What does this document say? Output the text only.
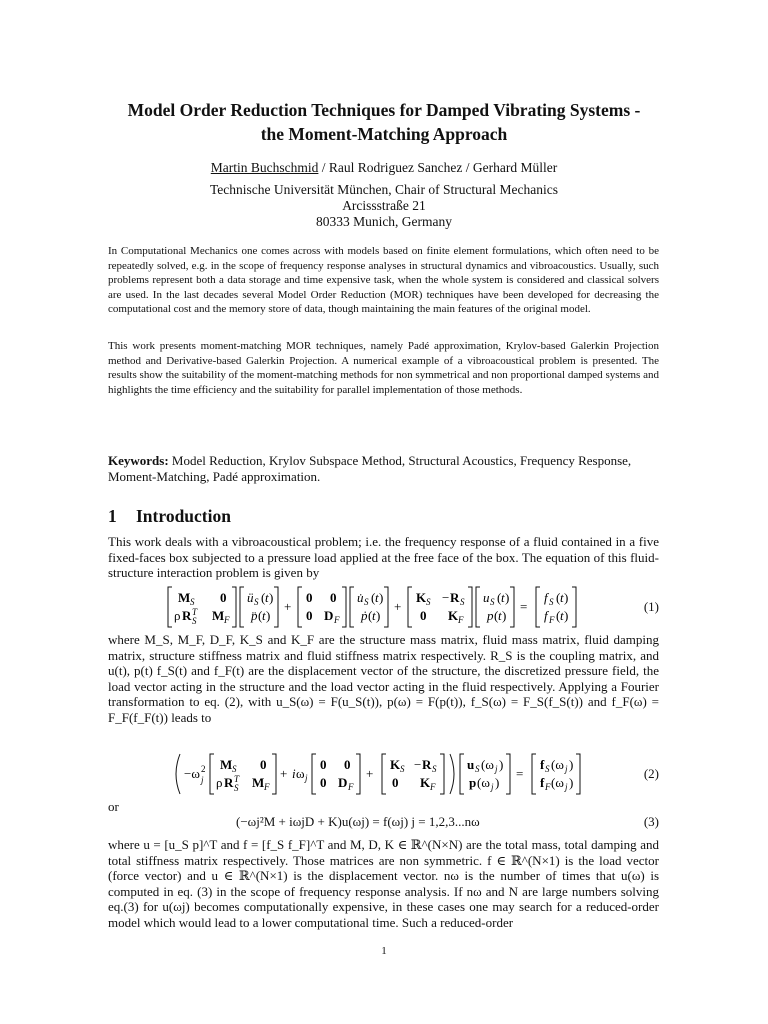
Model Order Reduction Techniques for Damped Vibrating Systems -
the Moment-Matching Approach
Martin Buchschmid / Raul Rodriguez Sanchez / Gerhard Müller
Technische Universität München, Chair of Structural Mechanics
Arcissstraße 21
80333 Munich, Germany

In Computational Mechanics one comes across with models based on finite element formulations, which often need to be repeatedly solved, e.g. in the scope of frequency response analyses in structural dynamics and vibroacoustics. Usually, such problems represent both a data storage and time expensive task, when the whole system is considered and classical solvers are used. In the last decades several Model Order Reduction (MOR) techniques have been developed for decreasing the computational cost and the memory store of data, though maintaining the main features of the original model.

This work presents moment-matching MOR techniques, namely Padé approximation, Krylov-based Galerkin Projection method and Derivative-based Galerkin Projection. A numerical example of a vibroacoustical problem is presented. The results show the suitability of the moment-matching methods for non symmetrical and non proportional damped systems and highlights the time efficiency and the suitability for parallel implementation of those methods.

Keywords: Model Reduction, Krylov Subspace Method, Structural Acoustics, Frequency Response, Moment-Matching, Padé approximation.

1 Introduction

This work deals with a vibroacoustical problem; i.e. the frequency response of a fluid contained in a five fixed-faces box subjected to a pressure load applied at the free face of the box. The equation of this fluid-structure interaction problem is given by

M S 0
ρ R T
S M F
ü S ( t )
p̈ ( t )
+
0 0
0 D F
u̇ S ( t )
ṗ ( t )
+
K S − R S
0 K F
u S ( t )
p ( t )
=
f S ( t )
f F ( t )
(1)

where M_S, M_F, D_F, K_S and K_F are the structure mass matrix, fluid mass matrix, fluid damping matrix, structure stiffness matrix and fluid stiffness matrix respectively. R_S is the coupling matrix, and u(t), p(t) f_S(t) and f_F(t) are the displacement vector of the structure, the discretized pressure field, the load vector acting in the structure and the load vector acting in the fluid respectively. Applying a Fourier transformation to eq. (2), with u_S(ω) = F(u_S(t)), p(ω) = F(p(t)), f_S(ω) = F_S(f_S(t)) and f_F(ω) = F_F(f_F(t)) leads to

−ω 2
j
M S 0
ρ R T
S M F
+ i ω j
0 0
0 D F
+
K S − R S
0 K F
u S (ω j )
p (ω j )
=
f S (ω j )
f F (ω j )
(2)

or

(−ωj²M + iωjD + K)u(ωj) = f(ωj) j = 1,2,3...nω	(3)

where u = [u_S p]^T and f = [f_S f_F]^T and M, D, K ∈ ℝ^(N×N) are the total mass, total damping and total stiffness matrix respectively. Those matrices are non symmetric. f ∈ ℝ^(N×1) is the load vector (force vector) and u ∈ ℝ^(N×1) is the displacement vector. nω is the number of times that u(ω) is computed in eq. (3) in the scope of frequency response analysis. If nω and N are large numbers solving eq.(3) for u(ωj) becomes computationally expensive, in these cases one may search for a reduced-order model which would lead to a lower computational time. Such a reduced-order

1
